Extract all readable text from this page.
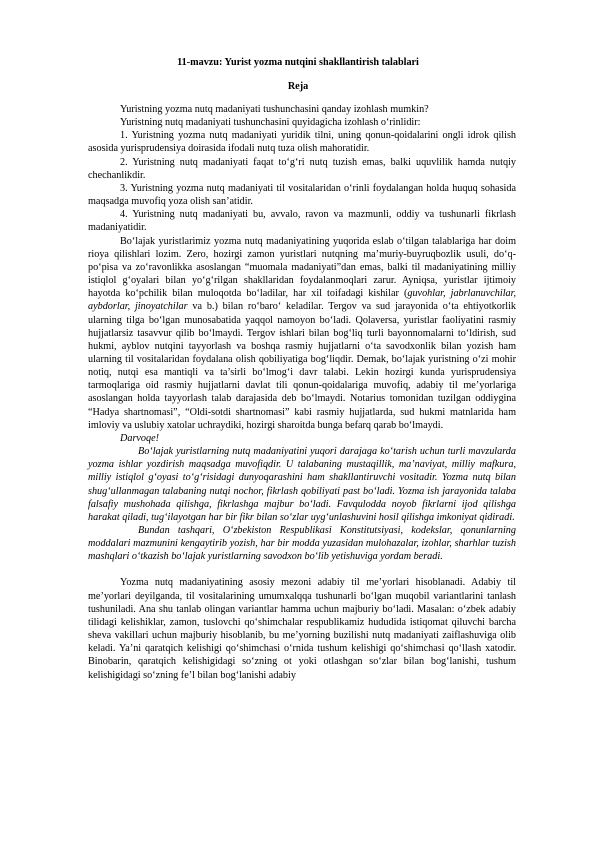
11-mavzu: Yurist yozma nutqini shakllantirish talablari
Reja

Yuristning yozma nutq madaniyati tushunchasini qanday izohlash mumkin?

Yuristning nutq madaniyati tushunchasini quyidagicha izohlash o‘rinlidir:

1. Yuristning yozma nutq madaniyati yuridik tilni, uning qonun-qoidalarini ongli idrok qilish asosida yurisprudensiya doirasida ifodali nutq tuza olish mahoratidir.

2. Yuristning nutq madaniyati faqat to‘g‘ri nutq tuzish emas, balki uquvlilik hamda nutqiy chechanlikdir.

3. Yuristning yozma nutq madaniyati til vositalaridan o‘rinli foydalangan holda huquq sohasida maqsadga muvofiq yoza olish san’atidir.

4. Yuristning nutq madaniyati bu, avvalo, ravon va mazmunli, oddiy va tushunarli fikrlash madaniyatidir.

Bo‘lajak yuristlarimiz yozma nutq madaniyatining yuqorida eslab o‘tilgan talablariga har doim rioya qilishlari lozim. Zero, hozirgi zamon yuristlari nutqning ma’muriy-buyruqbozlik usuli, do‘q-po‘pisa va zo‘ravonlikka asoslangan “muomala madaniyati”dan emas, balki til madaniyatining milliy istiqlol g‘oyalari bilan yo‘g‘rilgan shakllaridan foydalanmoqlari zarur. Ayniqsa, yuristlar ijtimoiy hayotda ko‘pchilik bilan muloqotda bo‘ladilar, har xil toifadagi kishilar (guvohlar, jabrlanuvchilar, aybdorlar, jinoyatchilar va b.) bilan ro‘baro‘ keladilar. Tergov va sud jarayonida o‘ta ehtiyotkorlik ularning tilga bo‘lgan munosabatida yaqqol namoyon bo‘ladi. Qolaversa, yuristlar faoliyatini rasmiy hujjatlarsiz tasavvur qilib bo‘lmaydi. Tergov ishlari bilan bog‘liq turli bayonnomalarni to‘ldirish, sud hukmi, ayblov nutqini tayyorlash va boshqa rasmiy hujjatlarni o‘ta savodxonlik bilan yozish ham ularning til vositalaridan foydalana olish qobiliyatiga bog‘liqdir. Demak, bo‘lajak yuristning o‘zi mohir notiq, nutqi esa mantiqli va ta’sirli bo‘lmog‘i davr talabi. Lekin hozirgi kunda yurisprudensiya tarmoqlariga oid rasmiy hujjatlarni davlat tili qonun-qoidalariga muvofiq, adabiy til me’yorlariga asoslangan holda tayyorlash talab darajasida deb bo‘lmaydi. Notarius tomonidan tuzilgan oddiygina “Hadya shartnomasi”, “Oldi-sotdi shartnomasi” kabi rasmiy hujjatlarda, sud hukmi matnlarida ham imloviy va uslubiy xatolar uchraydiki, hozirgi sharoitda bunga befarq qarab bo‘lmaydi.

Darvoqe!

Bo‘lajak yuristlarning nutq madaniyatini yuqori darajaga ko‘tarish uchun turli mavzularda yozma ishlar yozdirish maqsadga muvofiqdir. U talabaning mustaqillik, ma’naviyat, milliy mafkura, milliy istiqlol g‘oyasi to‘g‘risidagi dunyoqarashini ham shakllantiruvchi vositadir. Yozma nutq bilan shug‘ullanmagan talabaning nutqi nochor, fikrlash qobiliyati past bo‘ladi. Yozma ish jarayonida talaba falsafiy mushohada qilishga, fikrlashga majbur bo‘ladi. Favqulodda noyob fikrlarni ijod qilishga harakat qiladi, tug‘ilayotgan har bir fikr bilan so‘zlar uyg‘unlashuvini hosil qilishga imkoniyat qidiradi.

Bundan tashqari, O‘zbekiston Respublikasi Konstitutsiyasi, kodekslar, qonunlarning moddalari mazmunini kengaytirib yozish, har bir modda yuzasidan mulohazalar, izohlar, sharhlar tuzish mashqlari o‘tkazish bo‘lajak yuristlarning savodxon bo‘lib yetishuviga yordam beradi.

Yozma nutq madaniyatining asosiy mezoni adabiy til me’yorlari hisoblanadi. Adabiy til me’yorlari deyilganda, til vositalarining umumxalqqa tushunarli bo‘lgan muqobil variantlarini tanlash tushuniladi. Ana shu tanlab olingan variantlar hamma uchun majburiy bo‘ladi. Masalan: o‘zbek adabiy tilidagi kelishiklar, zamon, tuslovchi qo‘shimchalar respublikamiz hududida istiqomat qiluvchi barcha sheva vakillari uchun majburiy hisoblanib, bu me’yorning buzilishi nutq madaniyati zaiflashuviga olib keladi. Ya’ni qaratqich kelishigi qo‘shimchasi o‘rnida tushum kelishigi qo‘shimchasi qo‘llash xatodir. Binobarin, qaratqich kelishigidagi so‘zning ot yoki otlashgan so‘zlar bilan bog‘lanishi, tushum kelishigidagi so‘zning fe’l bilan bog‘lanishi adabiy
